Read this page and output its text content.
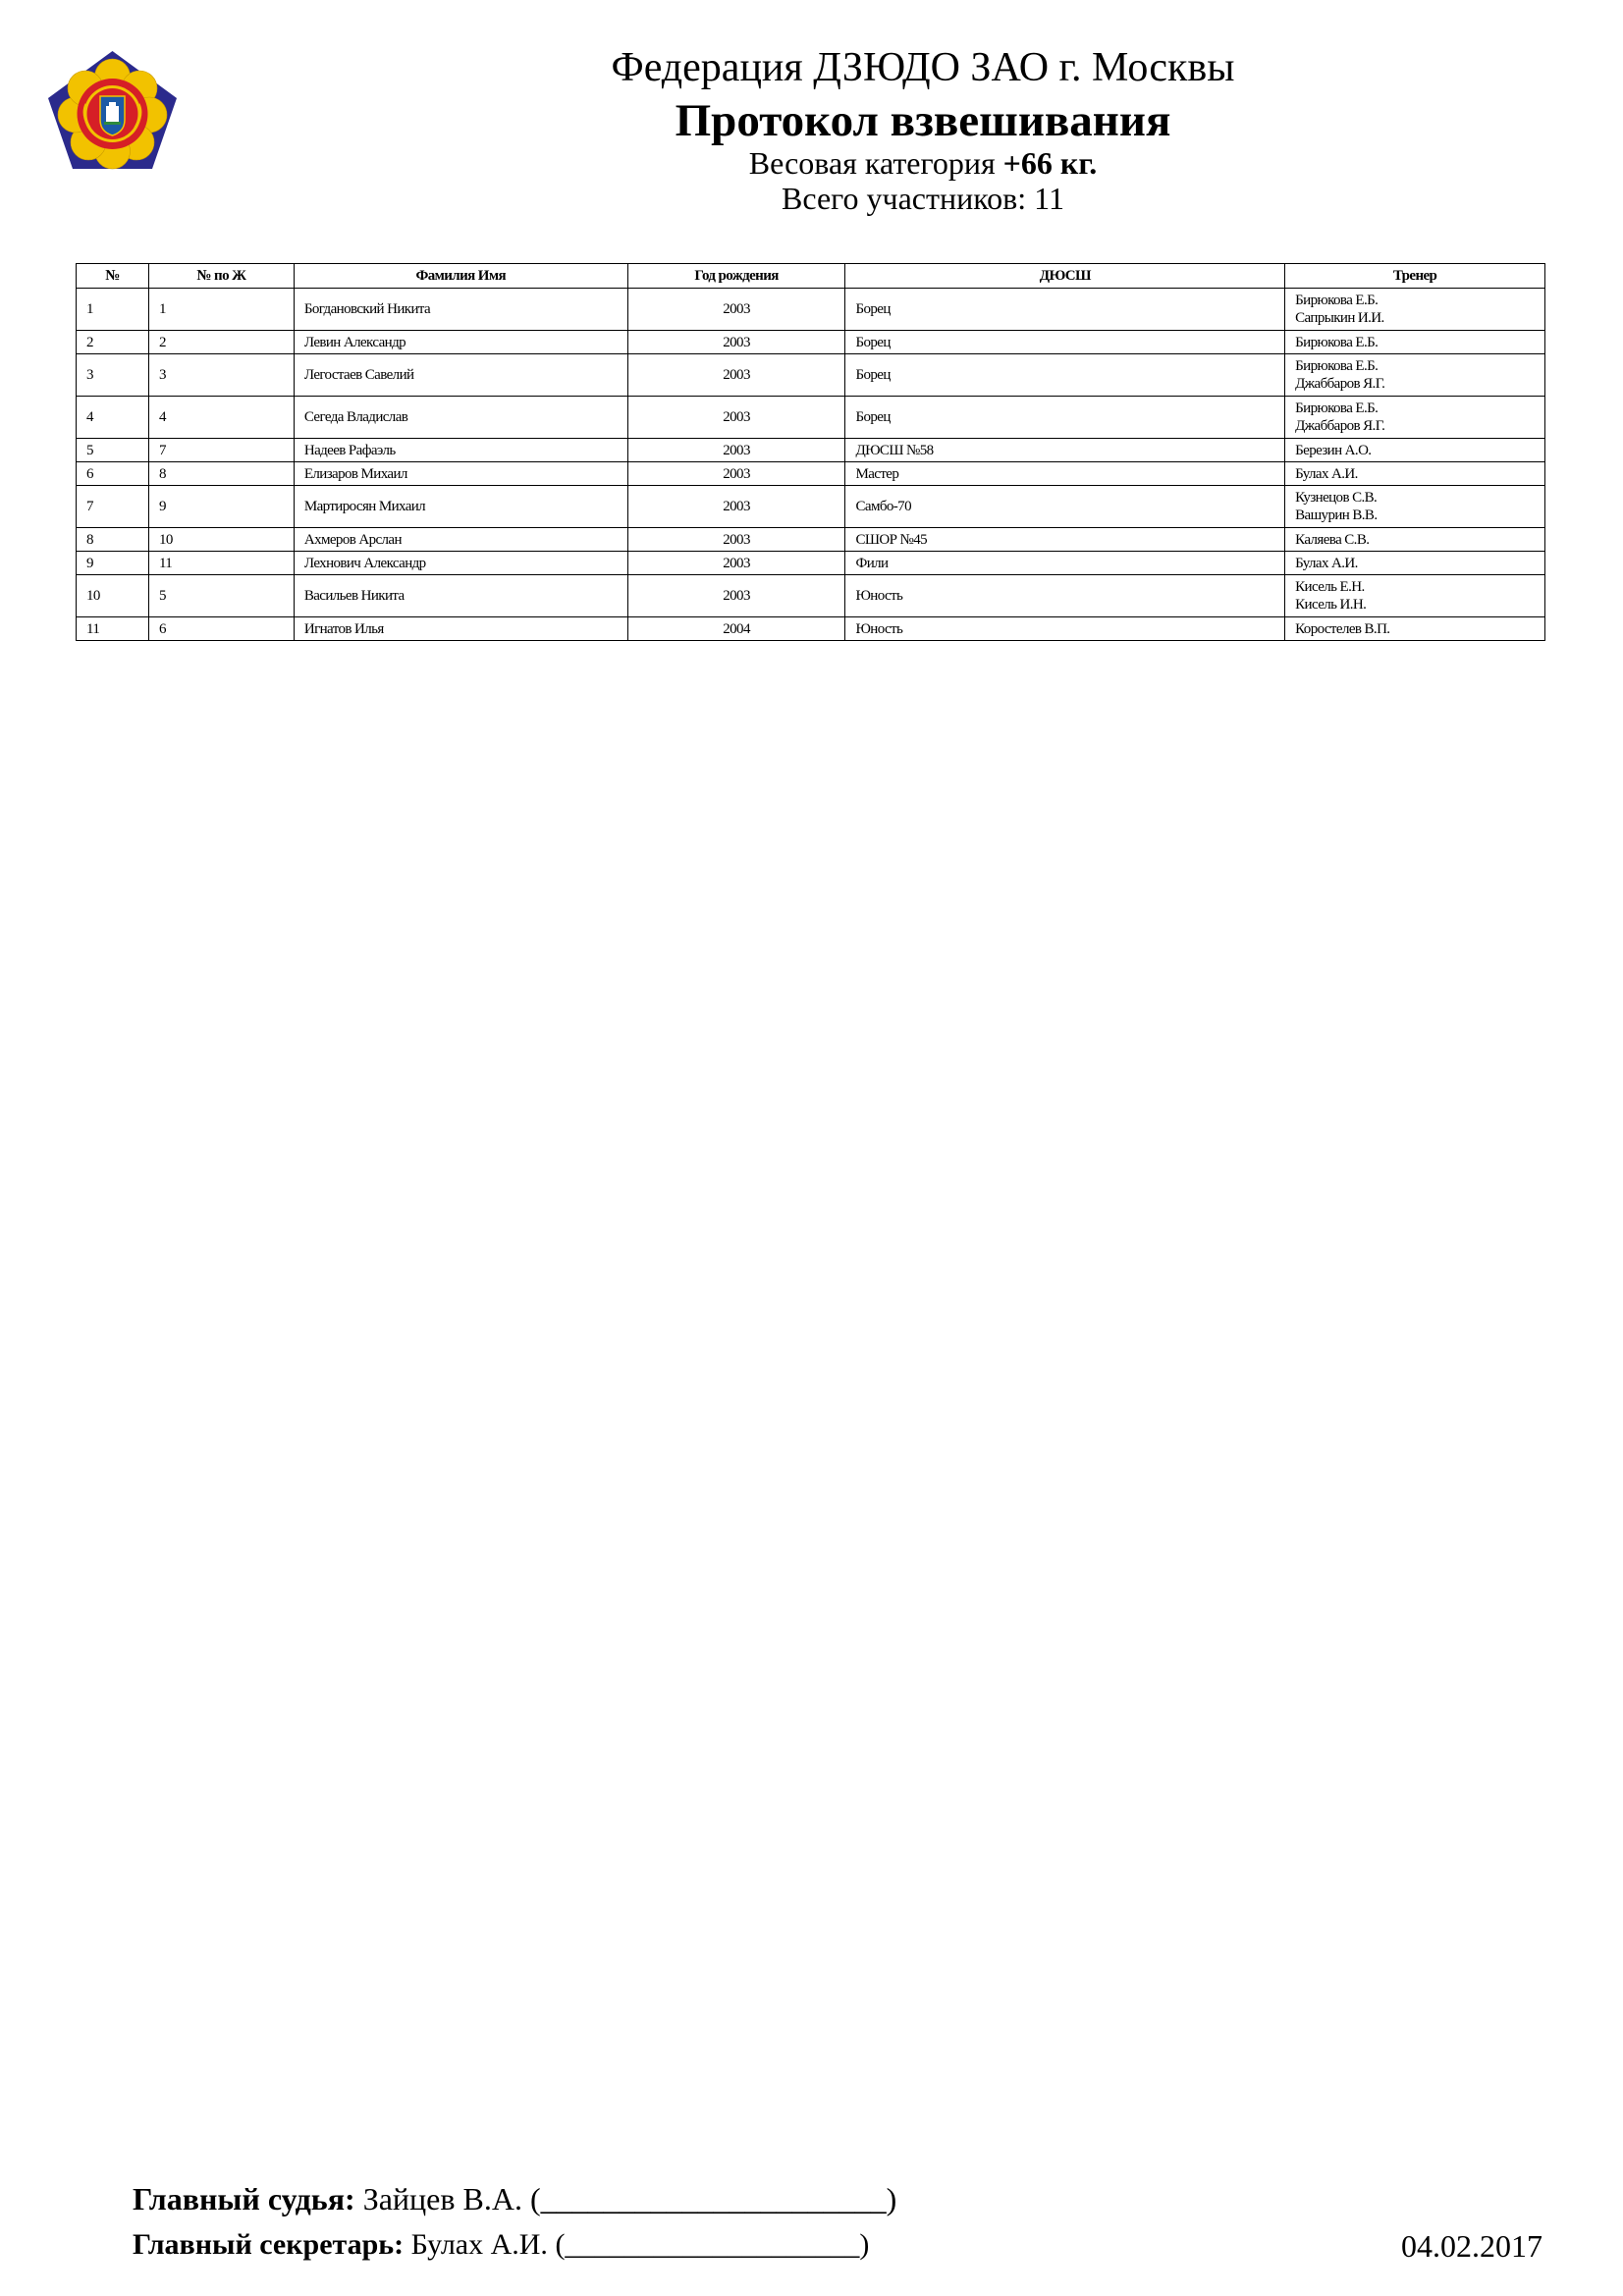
Федерация ДЗЮДО ЗАО г. Москвы
Протокол взвешивания
Весовая категория +66 кг.
Всего участников: 11
№	№ по Ж	Фамилия Имя	Год рождения	ДЮСШ	Тренер
1	1	Богдановский Никита	2003	Борец	Бирюкова Е.Б.
Сапрыкин И.И.

2	2	Левин Александр	2003	Борец	Бирюкова Е.Б.

3	3	Легостаев Савелий	2003	Борец	Бирюкова Е.Б.
Джаббаров Я.Г.

4	4	Сегеда Владислав	2003	Борец	Бирюкова Е.Б.
Джаббаров Я.Г.

5	7	Надеев Рафаэль	2003	ДЮСШ №58	Березин А.О.

6	8	Елизаров Михаил	2003	Мастер	Булах А.И.

7	9	Мартиросян Михаил	2003	Самбо-70	Кузнецов С.В.
Вашурин В.В.

8	10	Ахмеров Арслан	2003	СШОР №45	Каляева С.В.

9	11	Лехнович Александр	2003	Фили	Булах А.И.

10	5	Васильев Никита	2003	Юность	Кисель Е.Н.
Кисель И.Н.

11	6	Игнатов Илья	2004	Юность	Коростелев В.П.
Главный судья: Зайцев В.А. (______________________)
Главный секретарь: Булах А.И. (____________________)	04.02.2017
